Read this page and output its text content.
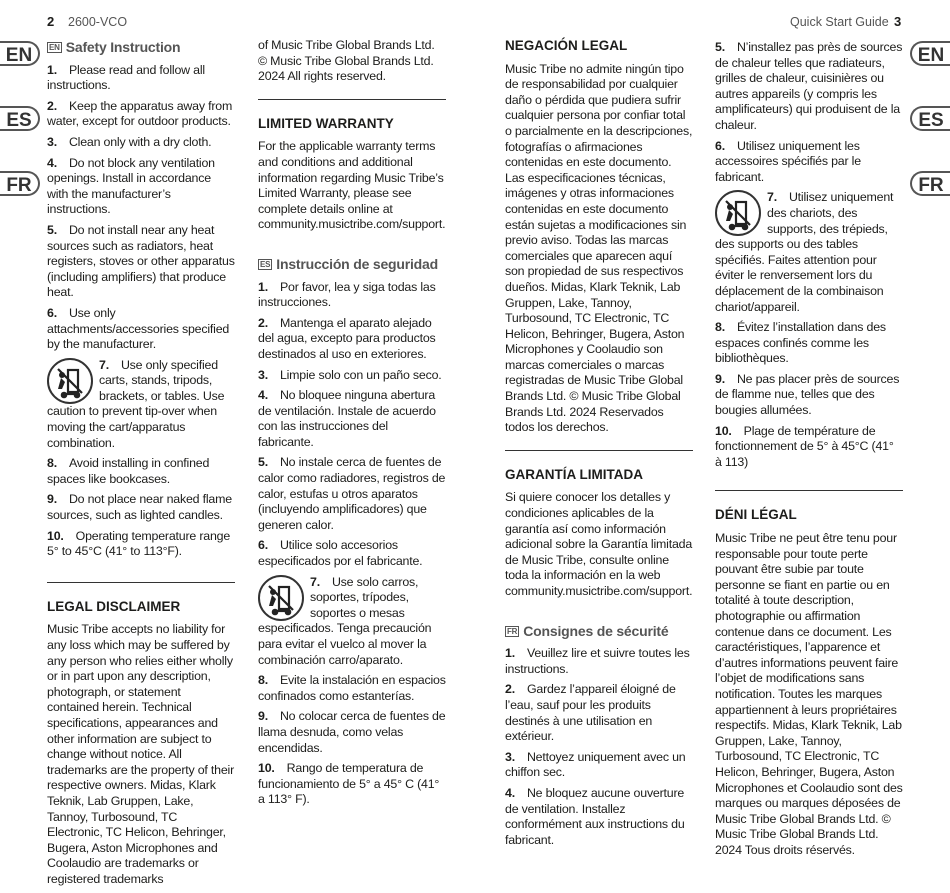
2 2600-VCO	Quick Start Guide 3
EN
ES
FR
EN
ES
FR
EN Safety Instruction

1. Please read and follow all instructions.

2. Keep the apparatus away from water, except for outdoor products.

3. Clean only with a dry cloth.

4. Do not block any ventilation openings. Install in accordance with the manufacturer’s instructions.

5. Do not install near any heat sources such as radiators, heat registers, stoves or other apparatus (including amplifiers) that produce heat.

6. Use only attachments/accessories specified by the manufacturer.

7. Use only specified carts, stands, tripods, brackets, or tables. Use caution to prevent tip-over when moving the cart/apparatus combination.

8. Avoid installing in confined spaces like bookcases.

9. Do not place near naked flame sources, such as lighted candles.

10. Operating temperature range 5° to 45°C (41° to 113°F).

LEGAL DISCLAIMER

Music Tribe accepts no liability for any loss which may be suffered by any person who relies either wholly or in part upon any description, photograph, or statement contained herein. Technical specifications, appearances and other information are subject to change without notice. All trademarks are the property of their respective owners. Midas, Klark Teknik, Lab Gruppen, Lake, Tannoy, Turbosound, TC Electronic, TC Helicon, Behringer, Bugera, Aston Microphones and Coolaudio are trademarks or registered trademarks

of Music Tribe Global Brands Ltd. © Music Tribe Global Brands Ltd. 2024 All rights reserved.

LIMITED WARRANTY

For the applicable warranty terms and conditions and additional information regarding Music Tribe’s Limited Warranty, please see complete details online at community.musictribe.com/support.

ES Instrucción de seguridad

1. Por favor, lea y siga todas las instrucciones.

2. Mantenga el aparato alejado del agua, excepto para productos destinados al uso en exteriores.

3. Limpie solo con un paño seco.

4. No bloquee ninguna abertura de ventilación. Instale de acuerdo con las instrucciones del fabricante.

5. No instale cerca de fuentes de calor como radiadores, registros de calor, estufas u otros aparatos (incluyendo amplificadores) que generen calor.

6. Utilice solo accesorios especificados por el fabricante.

7. Use solo carros, soportes, trípodes, soportes o mesas especificados. Tenga precaución para evitar el vuelco al mover la combinación carro/aparato.

8. Evite la instalación en espacios confinados como estanterías.

9. No colocar cerca de fuentes de llama desnuda, como velas encendidas.

10. Rango de temperatura de funcionamiento de 5° a 45° C (41° a 113° F).

NEGACIÓN LEGAL

Music Tribe no admite ningún tipo de responsabilidad por cualquier daño o pérdida que pudiera sufrir cualquier persona por confiar total o parcialmente en la descripciones, fotografías o afirmaciones contenidas en este documento. Las especificaciones técnicas, imágenes y otras informaciones contenidas en este documento están sujetas a modificaciones sin previo aviso. Todas las marcas comerciales que aparecen aquí son propiedad de sus respectivos dueños. Midas, Klark Teknik, Lab Gruppen, Lake, Tannoy, Turbosound, TC Electronic, TC Helicon, Behringer, Bugera, Aston Microphones y Coolaudio son marcas comerciales o marcas registradas de Music Tribe Global Brands Ltd. © Music Tribe Global Brands Ltd. 2024 Reservados todos los derechos.

GARANTÍA LIMITADA

Si quiere conocer los detalles y condiciones aplicables de la garantía así como información adicional sobre la Garantía limitada de Music Tribe, consulte online toda la información en la web community.musictribe.com/support.

FR Consignes de sécurité

1. Veuillez lire et suivre toutes les instructions.

2. Gardez l’appareil éloigné de l’eau, sauf pour les produits destinés à une utilisation en extérieur.

3. Nettoyez uniquement avec un chiffon sec.

4. Ne bloquez aucune ouverture de ventilation. Installez conformément aux instructions du fabricant.

5. N’installez pas près de sources de chaleur telles que radiateurs, grilles de chaleur, cuisinières ou autres appareils (y compris les amplificateurs) qui produisent de la chaleur.

6. Utilisez uniquement les accessoires spécifiés par le fabricant.

7. Utilisez uniquement des chariots, des supports, des trépieds, des supports ou des tables spécifiés. Faites attention pour éviter le renversement lors du déplacement de la combinaison chariot/appareil.

8. Évitez l’installation dans des espaces confinés comme les bibliothèques.

9. Ne pas placer près de sources de flamme nue, telles que des bougies allumées.

10. Plage de température de fonctionnement de 5° à 45°C (41° à 113)

DÉNI LÉGAL

Music Tribe ne peut être tenu pour responsable pour toute perte pouvant être subie par toute personne se fiant en partie ou en totalité à toute description, photographie ou affirmation contenue dans ce document. Les caractéristiques, l’apparence et d’autres informations peuvent faire l’objet de modifications sans notification. Toutes les marques appartiennent à leurs propriétaires respectifs. Midas, Klark Teknik, Lab Gruppen, Lake, Tannoy, Turbosound, TC Electronic, TC Helicon, Behringer, Bugera, Aston Microphones et Coolaudio sont des marques ou marques déposées de Music Tribe Global Brands Ltd. © Music Tribe Global Brands Ltd. 2024 Tous droits réservés.
